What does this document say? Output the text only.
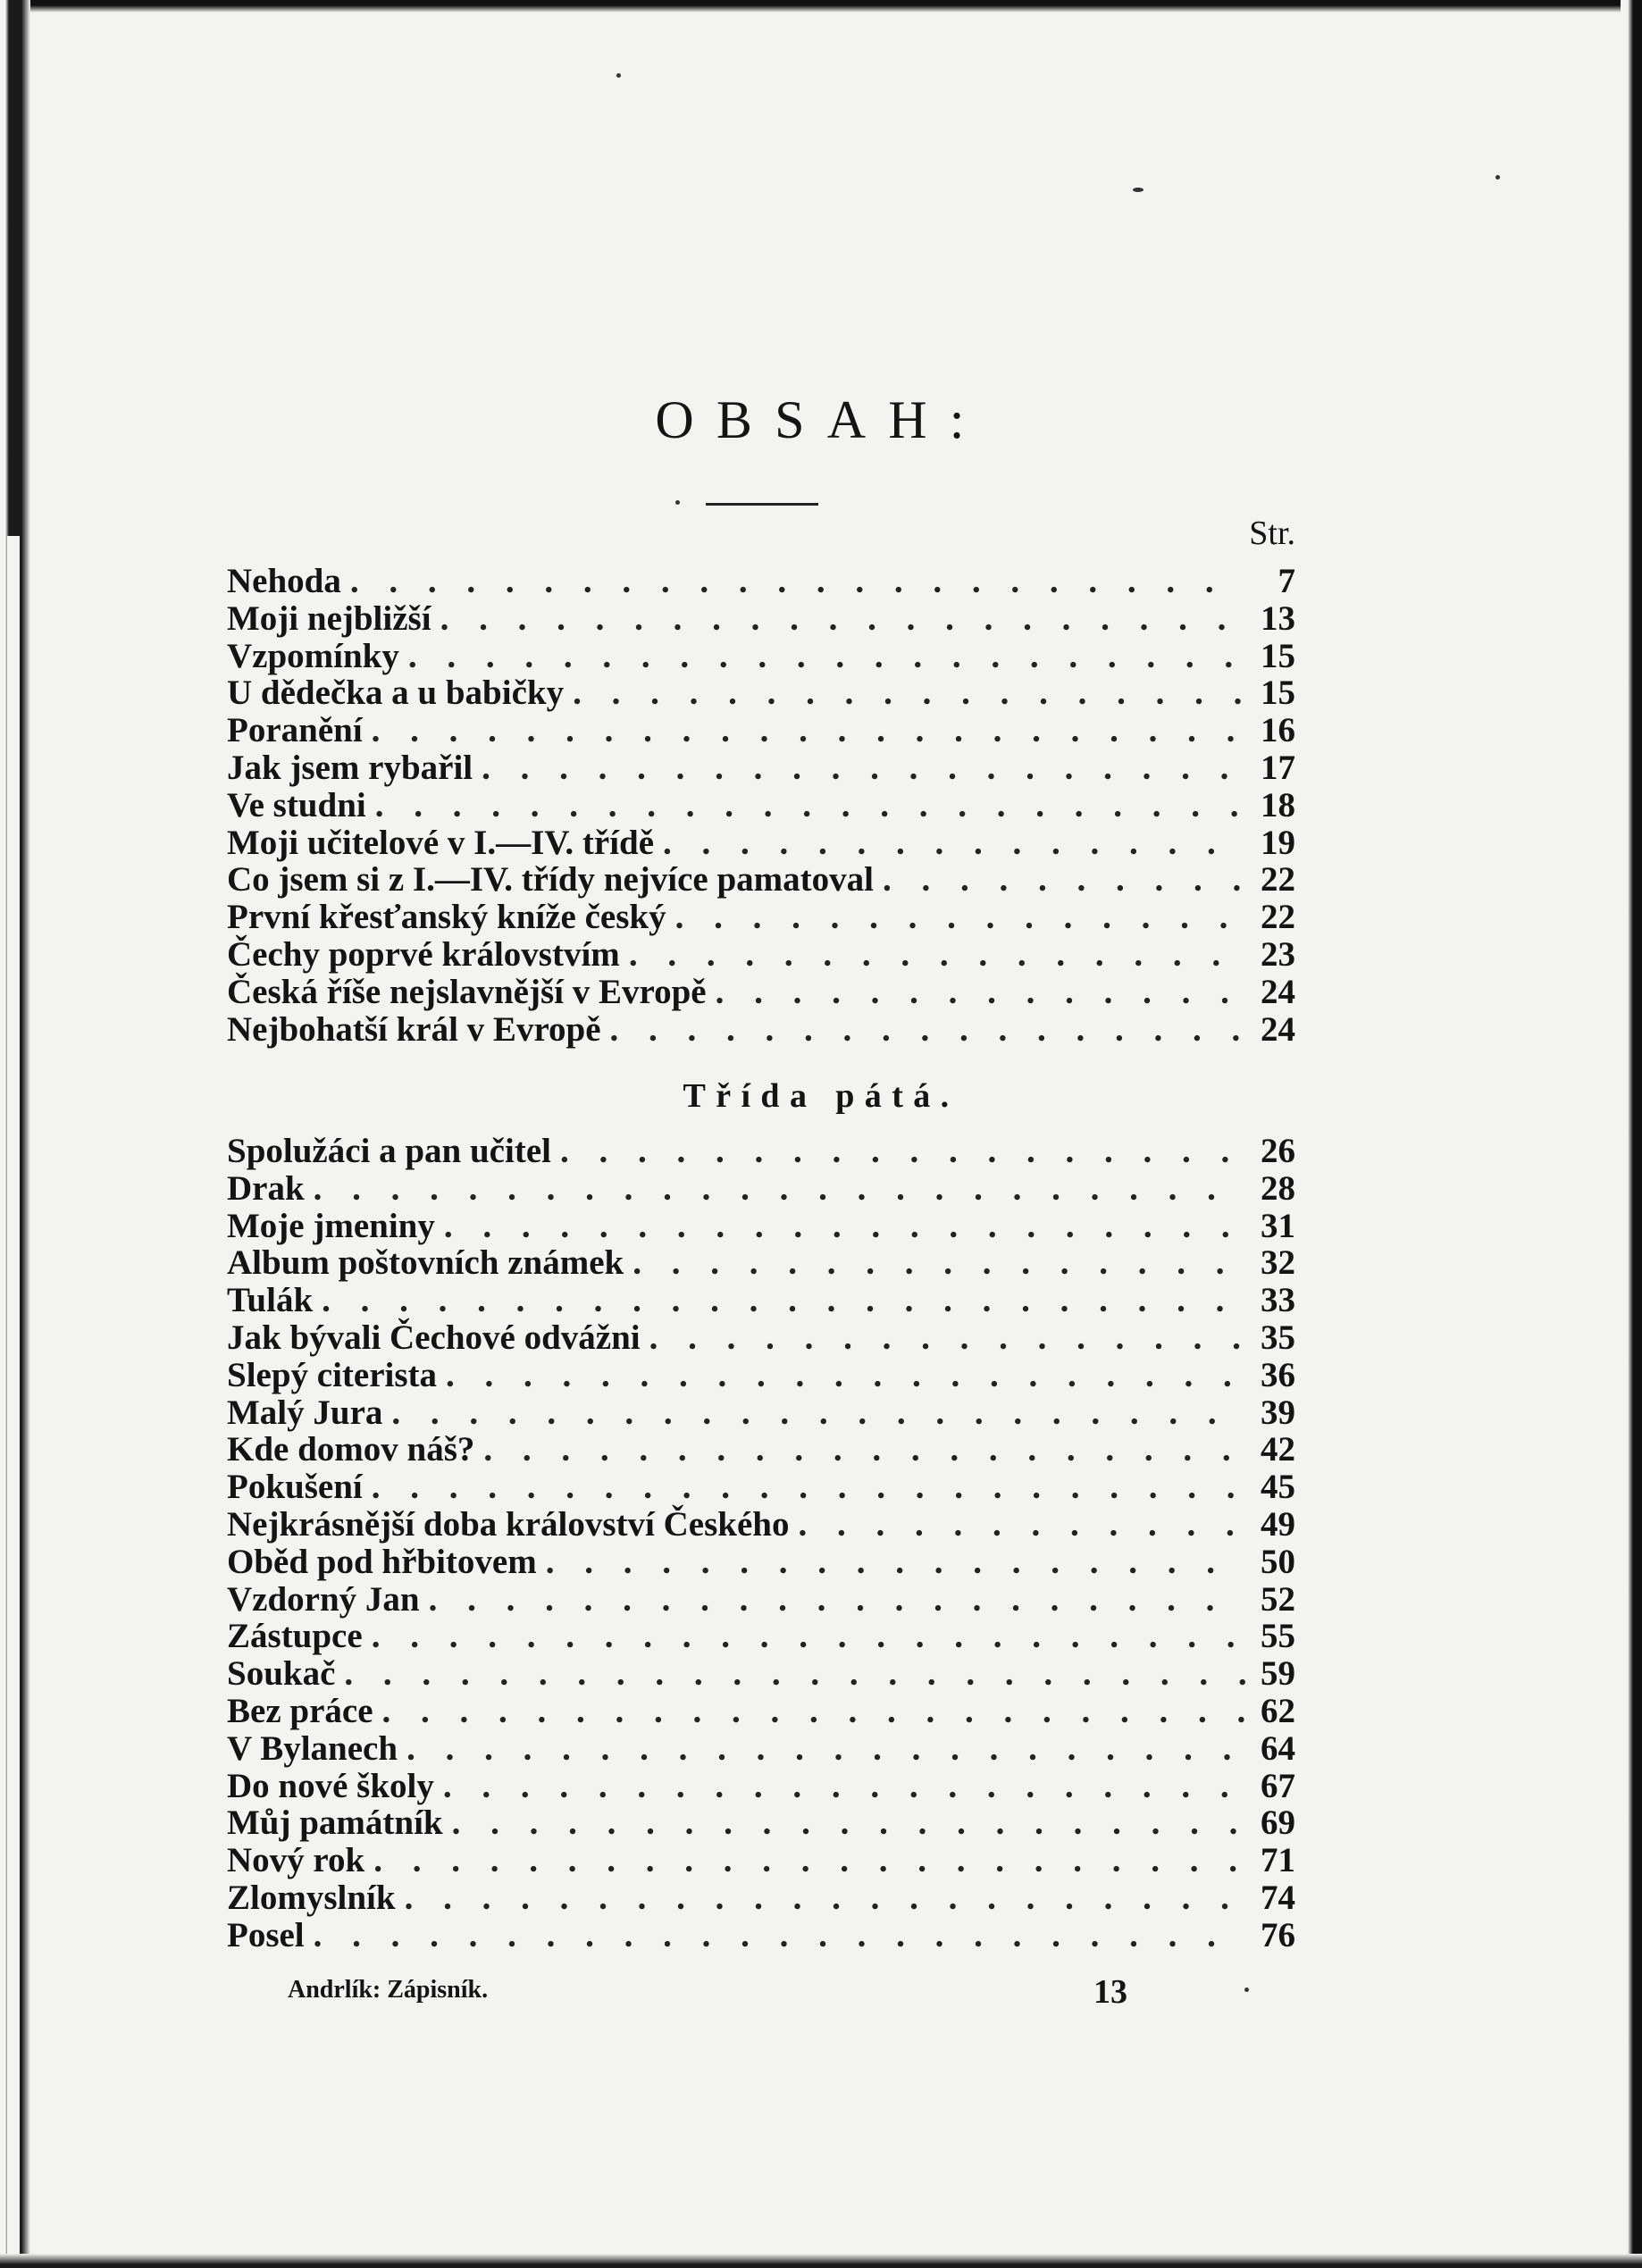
OBSAH:
Str.
Nehoda . . .	7
Moji nejbližší . . .	13
Vzpomínky . . .	15
U dědečka a u babičky . . .	15
Poranění . . .	16
Jak jsem rybařil . . .	17
Ve studni . . .	18
Moji učitelové v I.—IV. třídě . . .	19
Co jsem si z I.—IV. třídy nejvíce pamatoval . . .	22
První křesťanský kníže český . . .	22
Čechy poprvé královstvím . . .	23
Česká říše nejslavnější v Evropě . . .	24
Nejbohatší král v Evropě . . .	24
Třída pátá.
Spolužáci a pan učitel . . .	26
Drak . . .	28
Moje jmeniny . . .	31
Album poštovních známek . . .	32
Tulák . . .	33
Jak bývali Čechové odvážni . . .	35
Slepý citerista . . .	36
Malý Jura . . .	39
Kde domov náš? . . .	42
Pokušení . . .	45
Nejkrásnější doba království Českého . . .	49
Oběd pod hřbitovem . . .	50
Vzdorný Jan . . .	52
Zástupce . . .	55
Soukač . . .	59
Bez práce . . .	62
V Bylanech . . .	64
Do nové školy . . .	67
Můj památník . . .	69
Nový rok . . .	71
Zlomyslník . . .	74
Posel . . .	76
Andrlík: Zápisník.	13
